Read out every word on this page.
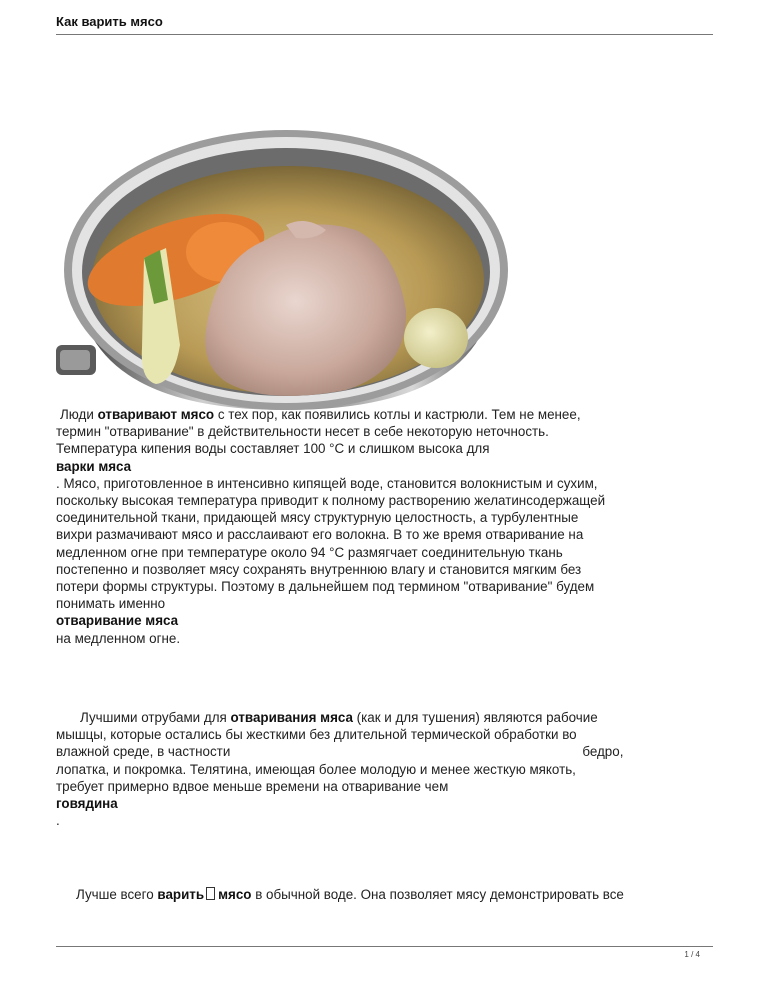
Как варить мясо
Люди отваривают мясо с тех пор, как появились котлы и кастрюли. Тем не менее,
термин "отваривание" в действительности несет в себе некоторую неточность.
Температура кипения воды составляет 100 °С и слишком высока для
варки мяса
. Мясо, приготовленное в интенсивно кипящей воде, становится волокнистым и сухим,
поскольку высокая температура приводит к полному растворению желатинсодержащей
соединительной ткани, придающей мясу структурную целостность, а турбулентные
вихри размачивают мясо и расслаивают его волокна. В то же время отваривание на
медленном огне при температуре около 94 °С размягчает соединительную ткань
постепенно и позволяет мясу сохранять внутреннюю влагу и становится мягким без
потери формы структуры. Поэтому в дальнейшем под термином "отваривание" будем
понимать именно
отваривание мяса
на медленном огне.
Лучшими отрубами для отваривания мяса (как и для тушения) являются рабочие
мышцы, которые остались бы жесткими без длительной термической обработки во
влажной среде, в частности	бедро,
лопатка, и покромка. Телятина, имеющая более молодую и менее жесткую мякоть,
требует примерно вдвое меньше времени на отваривание чем
говядина
.
Лучше всего варить мясо в обычной воде. Она позволяет мясу демонстрировать все
1 / 4
